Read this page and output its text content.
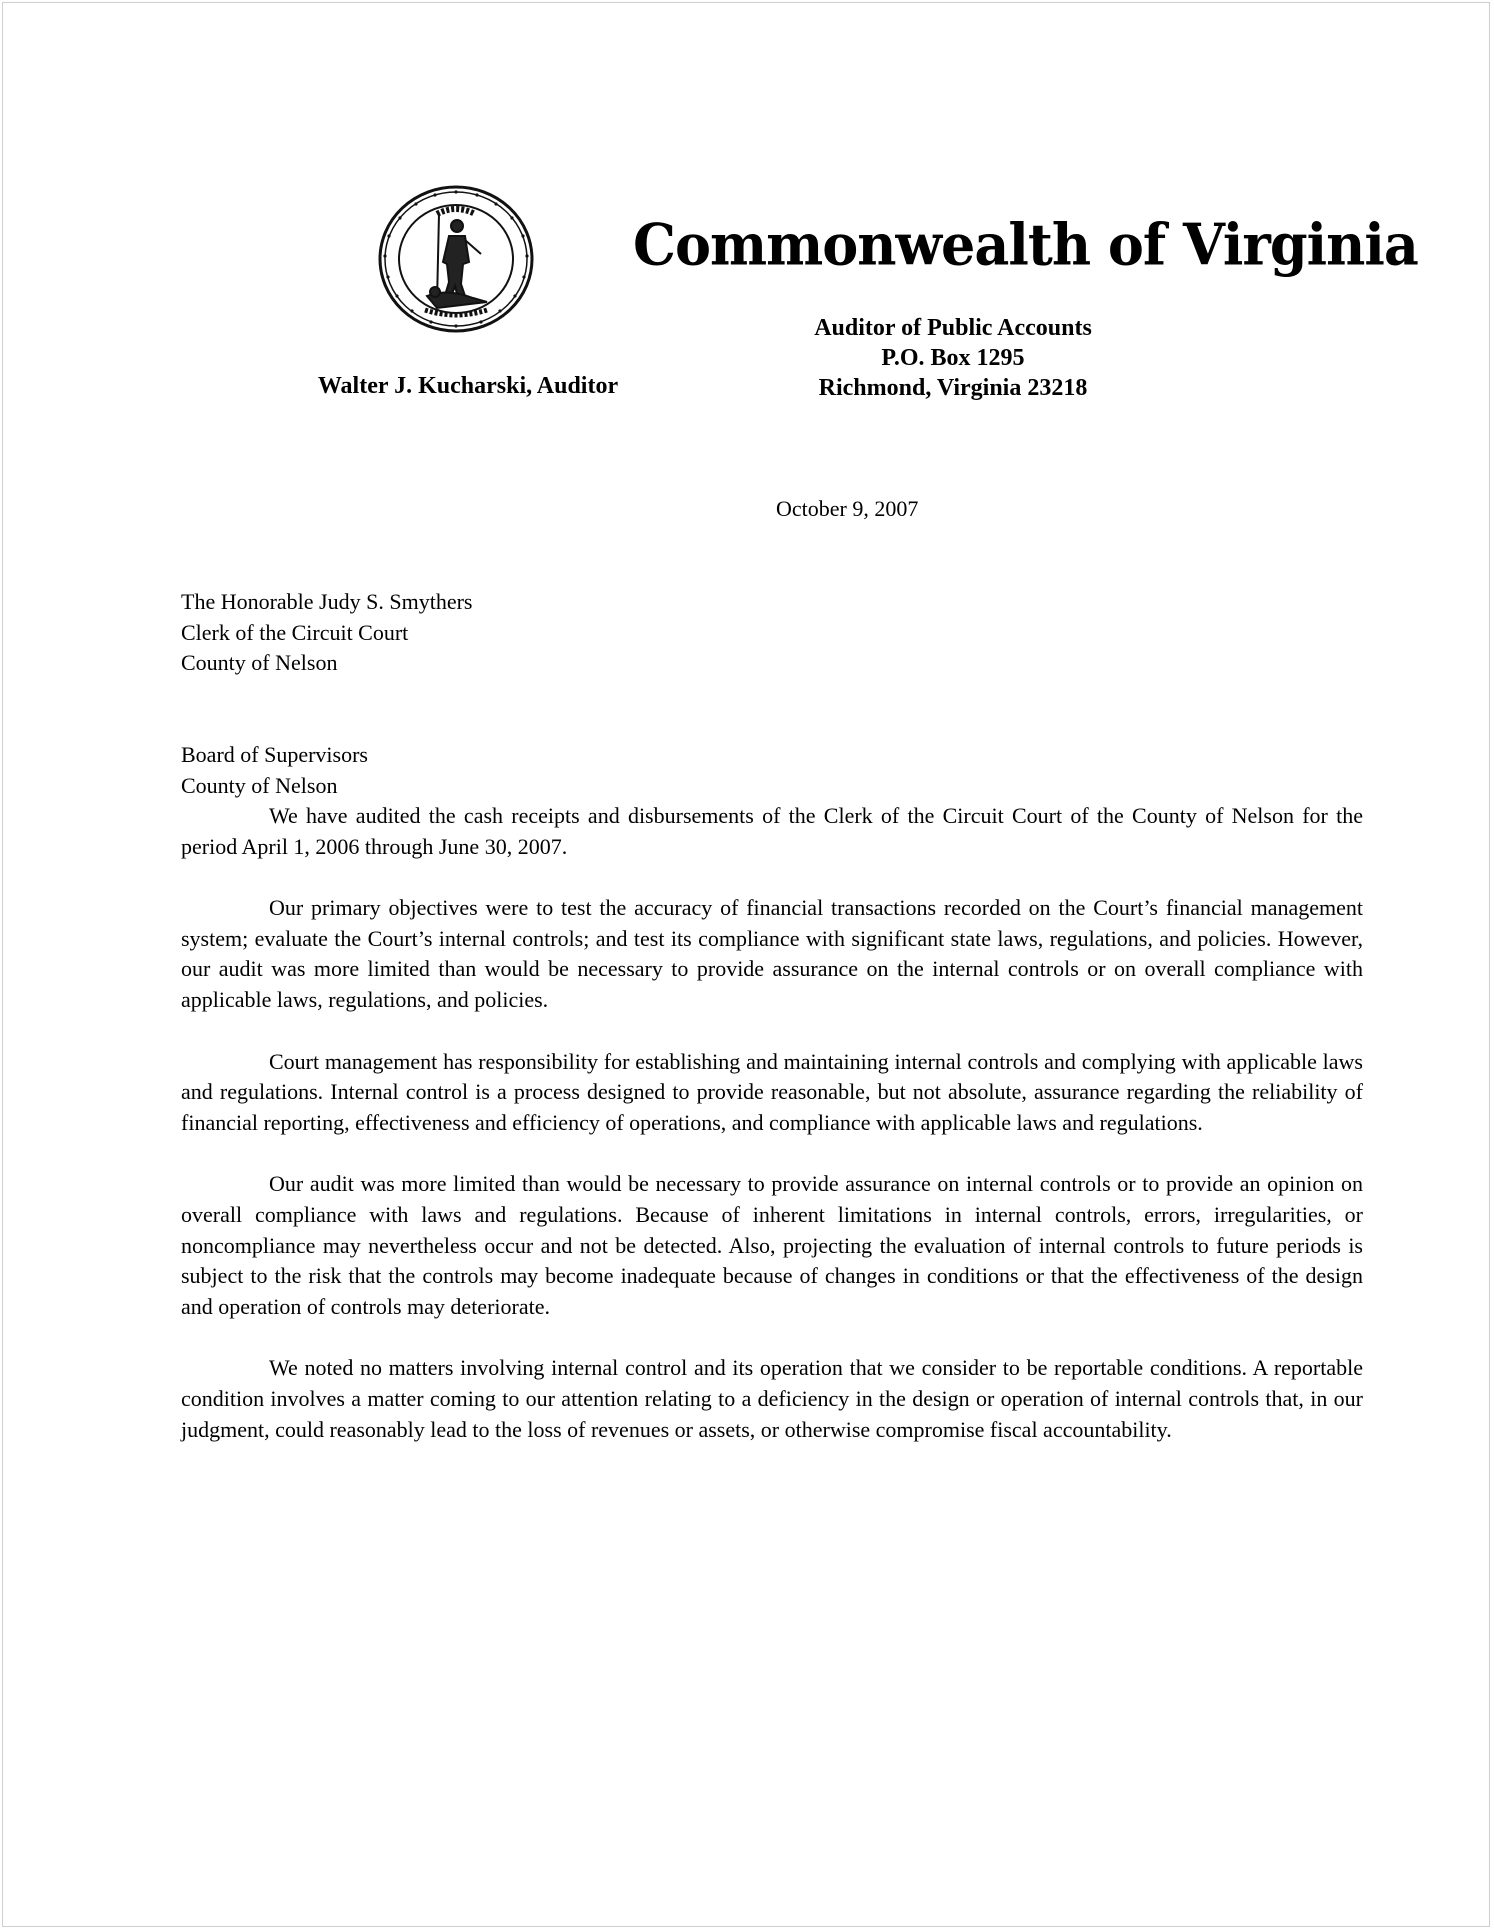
Commonwealth of Virginia
Auditor of Public Accounts
P.O. Box 1295
Richmond, Virginia 23218
Walter J. Kucharski, Auditor
October 9, 2007
The Honorable Judy S. Smythers
Clerk of the Circuit Court
County of Nelson
Board of Supervisors
County of Nelson

We have audited the cash receipts and disbursements of the Clerk of the Circuit Court of the County of Nelson for the period April 1, 2006 through June 30, 2007.

Our primary objectives were to test the accuracy of financial transactions recorded on the Court’s financial management system; evaluate the Court’s internal controls; and test its compliance with significant state laws, regulations, and policies. However, our audit was more limited than would be necessary to provide assurance on the internal controls or on overall compliance with applicable laws, regulations, and policies.

Court management has responsibility for establishing and maintaining internal controls and complying with applicable laws and regulations. Internal control is a process designed to provide reasonable, but not absolute, assurance regarding the reliability of financial reporting, effectiveness and efficiency of operations, and compliance with applicable laws and regulations.

Our audit was more limited than would be necessary to provide assurance on internal controls or to provide an opinion on overall compliance with laws and regulations. Because of inherent limitations in internal controls, errors, irregularities, or noncompliance may nevertheless occur and not be detected. Also, projecting the evaluation of internal controls to future periods is subject to the risk that the controls may become inadequate because of changes in conditions or that the effectiveness of the design and operation of controls may deteriorate.

We noted no matters involving internal control and its operation that we consider to be reportable conditions. A reportable condition involves a matter coming to our attention relating to a deficiency in the design or operation of internal controls that, in our judgment, could reasonably lead to the loss of revenues or assets, or otherwise compromise fiscal accountability.
